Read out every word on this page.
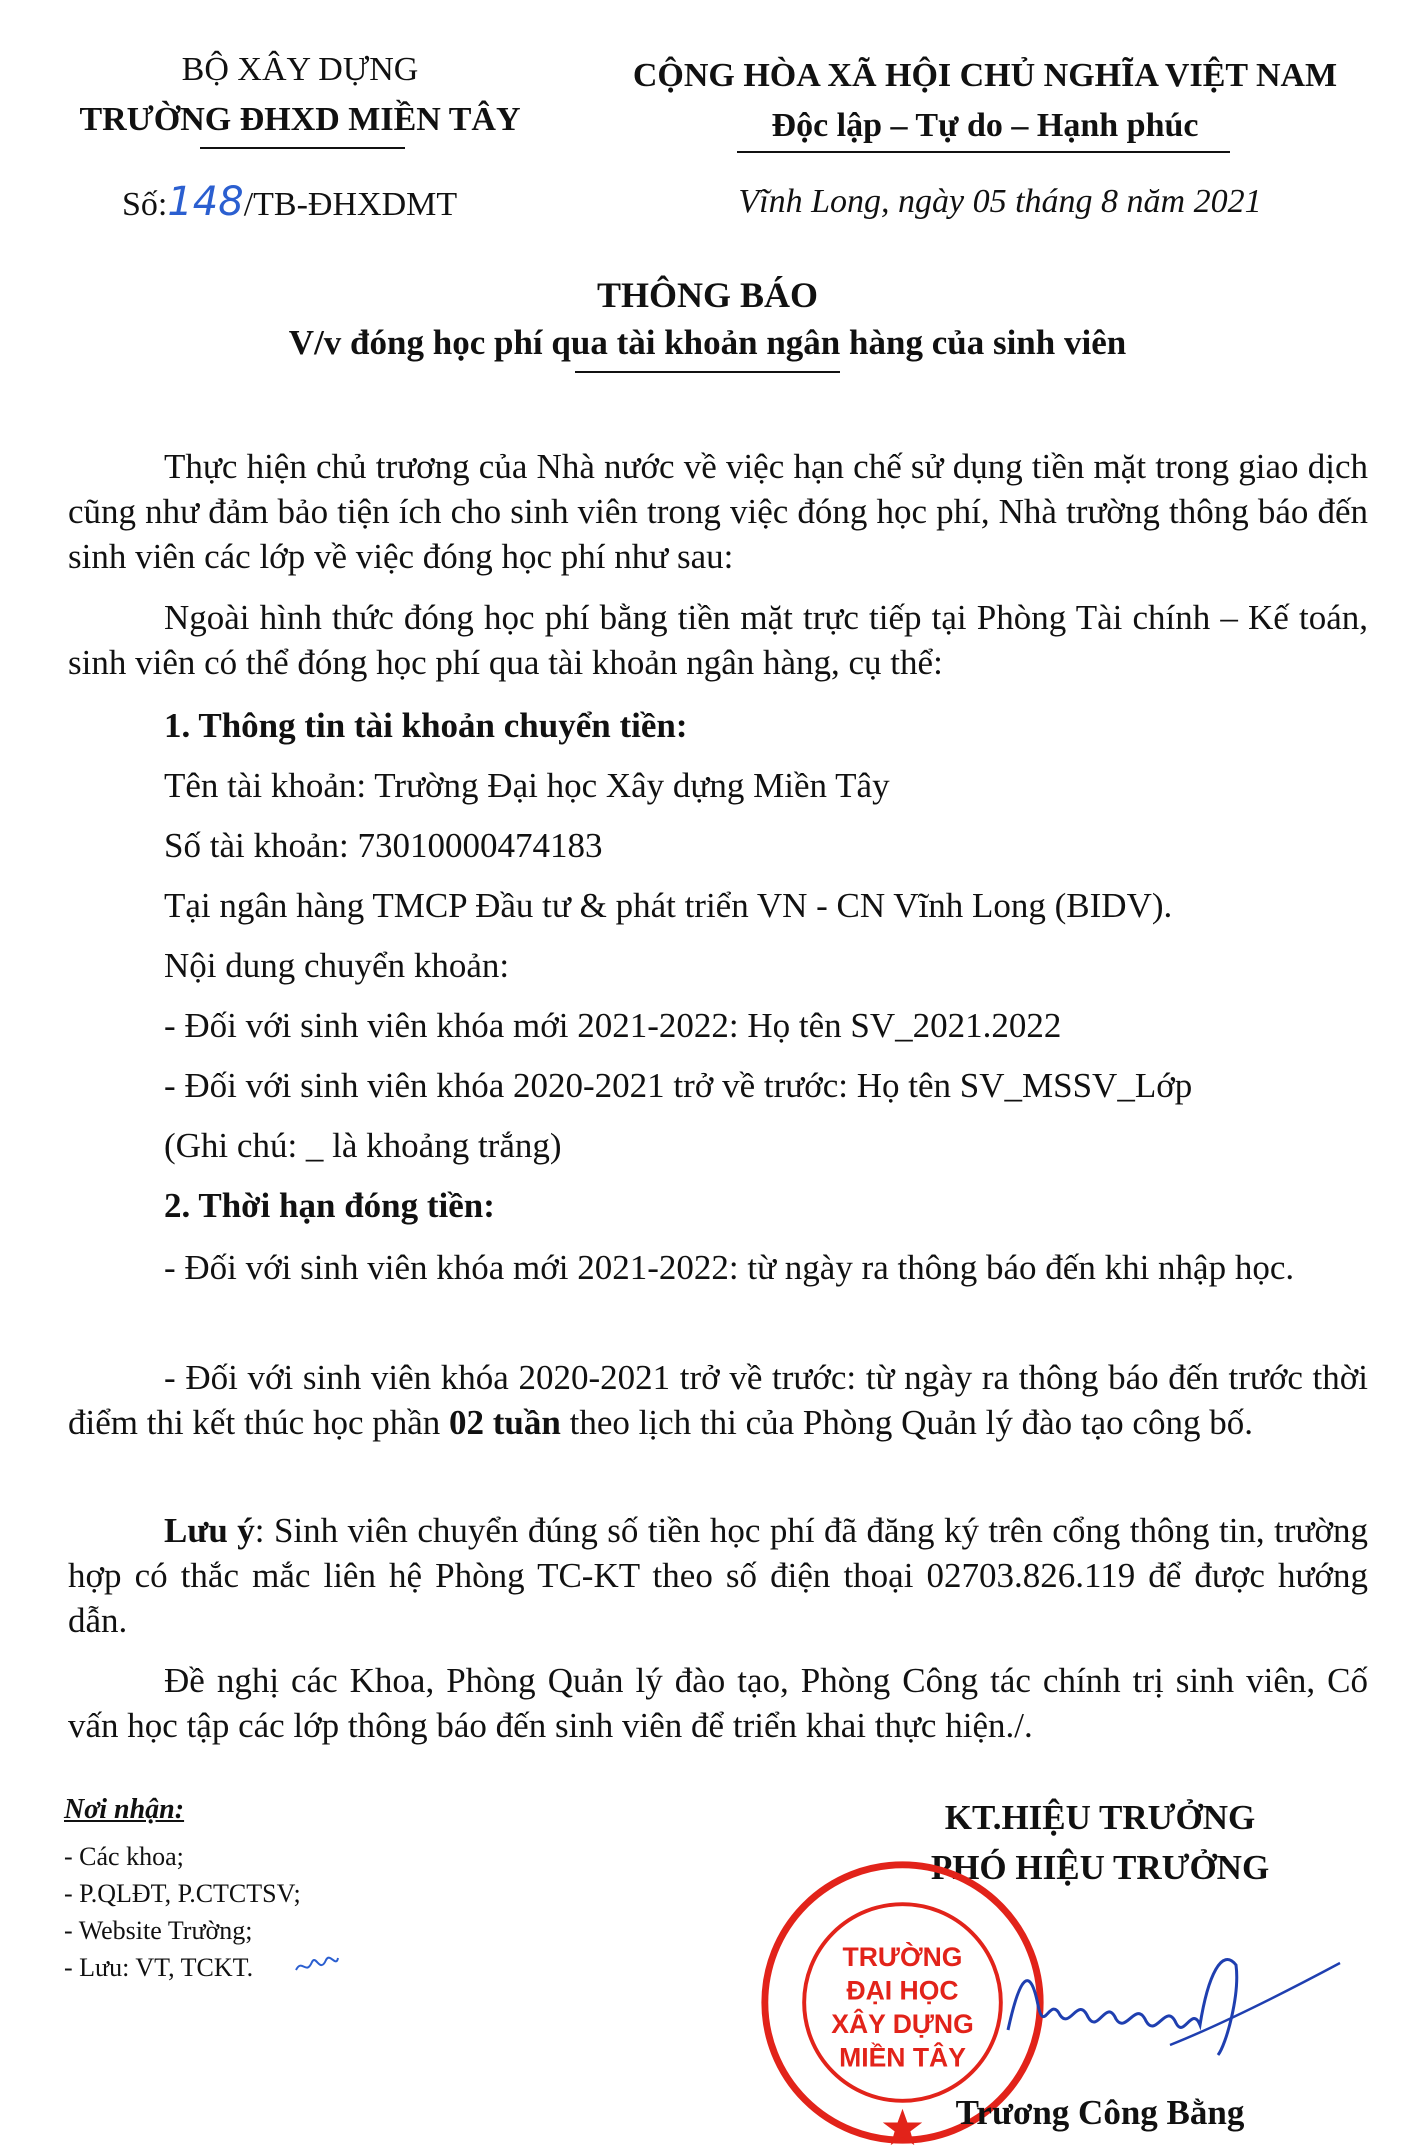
BỘ XÂY DỰNG
TRƯỜNG ĐHXD MIỀN TÂY
Số:148/TB-ĐHXDMT
CỘNG HÒA XÃ HỘI CHỦ NGHĨA VIỆT NAM
Độc lập – Tự do – Hạnh phúc
Vĩnh Long, ngày 05 tháng 8 năm 2021
THÔNG BÁO
V/v đóng học phí qua tài khoản ngân hàng của sinh viên
Thực hiện chủ trương của Nhà nước về việc hạn chế sử dụng tiền mặt trong giao dịch cũng như đảm bảo tiện ích cho sinh viên trong việc đóng học phí, Nhà trường thông báo đến sinh viên các lớp về việc đóng học phí như sau:
Ngoài hình thức đóng học phí bằng tiền mặt trực tiếp tại Phòng Tài chính – Kế toán, sinh viên có thể đóng học phí qua tài khoản ngân hàng, cụ thể:
1. Thông tin tài khoản chuyển tiền:
Tên tài khoản: Trường Đại học Xây dựng Miền Tây
Số tài khoản: 73010000474183
Tại ngân hàng TMCP Đầu tư & phát triển VN - CN Vĩnh Long (BIDV).
Nội dung chuyển khoản:
- Đối với sinh viên khóa mới 2021-2022: Họ tên SV_2021.2022
- Đối với sinh viên khóa 2020-2021 trở về trước: Họ tên SV_MSSV_Lớp
(Ghi chú: _ là khoảng trắng)
2. Thời hạn đóng tiền:
- Đối với sinh viên khóa mới 2021-2022: từ ngày ra thông báo đến khi nhập học.
- Đối với sinh viên khóa 2020-2021 trở về trước: từ ngày ra thông báo đến trước thời điểm thi kết thúc học phần 02 tuần theo lịch thi của Phòng Quản lý đào tạo công bố.
Lưu ý: Sinh viên chuyển đúng số tiền học phí đã đăng ký trên cổng thông tin, trường hợp có thắc mắc liên hệ Phòng TC-KT theo số điện thoại 02703.826.119 để được hướng dẫn.
Đề nghị các Khoa, Phòng Quản lý đào tạo, Phòng Công tác chính trị sinh viên, Cố vấn học tập các lớp thông báo đến sinh viên để triển khai thực hiện./.
Nơi nhận:
- Các khoa;
- P.QLĐT, P.CTCTSV;
- Website Trường;
- Lưu: VT, TCKT.
KT.HIỆU TRƯỞNG
PHÓ HIỆU TRƯỞNG
TRƯỜNG
ĐẠI HỌC
XÂY DỰNG
MIỀN TÂY
Trương Công Bằng
